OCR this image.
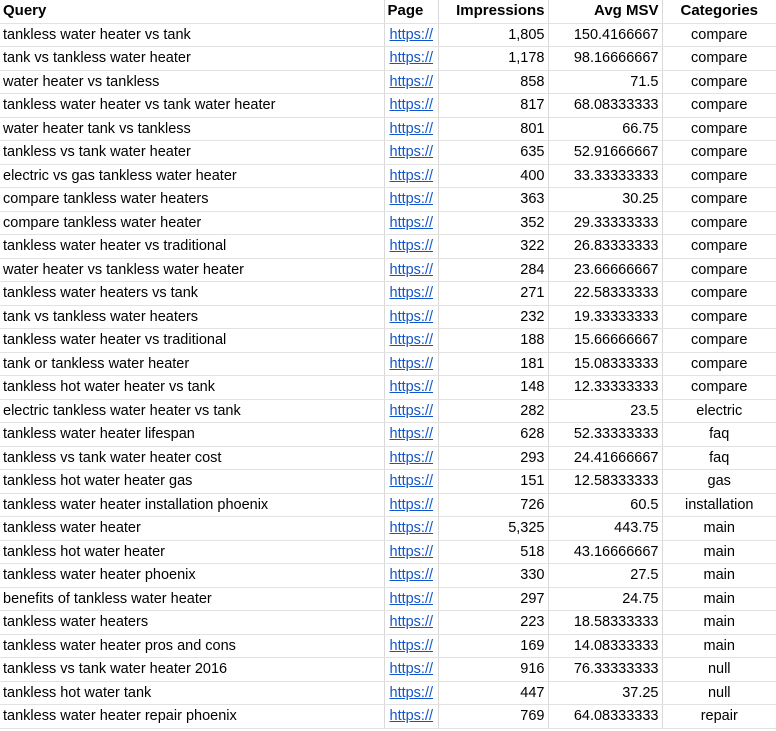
Query	Page	Impressions	Avg MSV	Categories
tankless water heater vs tank	https://	1,805	150.4166667	compare
tank vs tankless water heater	https://	1,178	98.16666667	compare
water heater vs tankless	https://	858	71.5	compare
tankless water heater vs tank water heater	https://	817	68.08333333	compare
water heater tank vs tankless	https://	801	66.75	compare
tankless vs tank water heater	https://	635	52.91666667	compare
electric vs gas tankless water heater	https://	400	33.33333333	compare
compare tankless water heaters	https://	363	30.25	compare
compare tankless water heater	https://	352	29.33333333	compare
tankless water heater vs traditional	https://	322	26.83333333	compare
water heater vs tankless water heater	https://	284	23.66666667	compare
tankless water heaters vs tank	https://	271	22.58333333	compare
tank vs tankless water heaters	https://	232	19.33333333	compare
tankless water heater vs traditional	https://	188	15.66666667	compare
tank or tankless water heater	https://	181	15.08333333	compare
tankless hot water heater vs tank	https://	148	12.33333333	compare
electric tankless water heater vs tank	https://	282	23.5	electric
tankless water heater lifespan	https://	628	52.33333333	faq
tankless vs tank water heater cost	https://	293	24.41666667	faq
tankless hot water heater gas	https://	151	12.58333333	gas
tankless water heater installation phoenix	https://	726	60.5	installation
tankless water heater	https://	5,325	443.75	main
tankless hot water heater	https://	518	43.16666667	main
tankless water heater phoenix	https://	330	27.5	main
benefits of tankless water heater	https://	297	24.75	main
tankless water heaters	https://	223	18.58333333	main
tankless water heater pros and cons	https://	169	14.08333333	main
tankless vs tank water heater 2016	https://	916	76.33333333	null
tankless hot water tank	https://	447	37.25	null
tankless water heater repair phoenix	https://	769	64.08333333	repair
